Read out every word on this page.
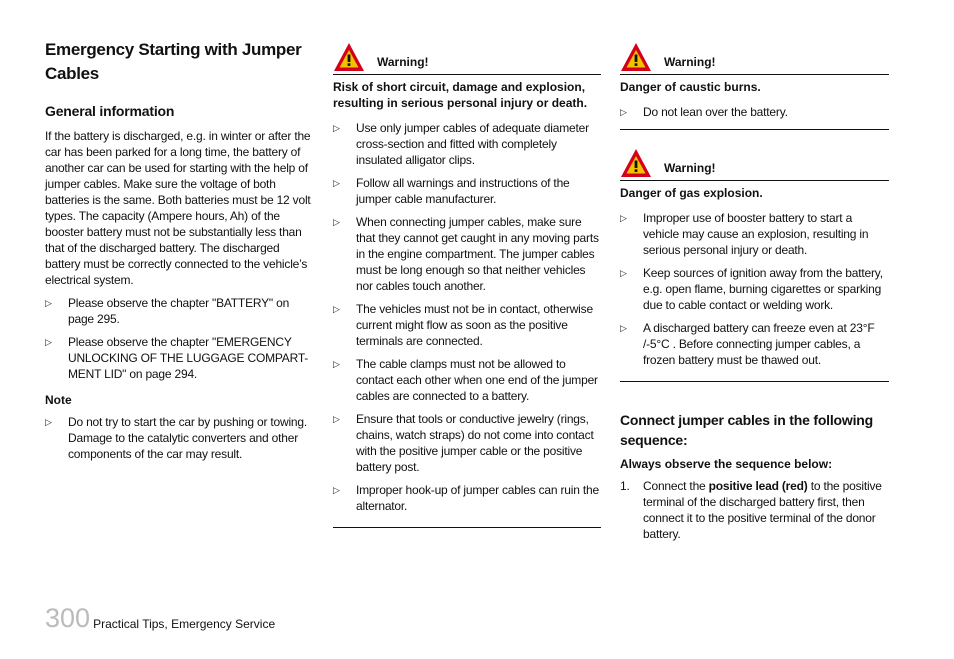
Emergency Starting with Jumper Cables
General information

If the battery is discharged, e.g. in winter or after the car has been parked for a long time, the battery of another car can be used for starting with the help of jumper cables. Make sure the voltage of both batteries is the same. Both batteries must be 12 volt types. The capacity (Ampere hours, Ah) of the booster battery must not be substantially less than that of the discharged battery. The discharged battery must be correctly connected to the vehicle’s electrical system.

▷ Please observe the chapter "BATTERY" on page 295.
▷ Please observe the chapter "EMERGENCY UNLOCKING OF THE LUGGAGE COMPART-MENT LID" on page 294.
Note
▷ Do not try to start the car by pushing or towing. Damage to the catalytic converters and other components of the car may result.
Warning!
Risk of short circuit, damage and explosion, resulting in serious personal injury or death.
▷ Use only jumper cables of adequate diameter cross-section and fitted with completely insulated alligator clips.
▷ Follow all warnings and instructions of the jumper cable manufacturer.
▷ When connecting jumper cables, make sure that they cannot get caught in any moving parts in the engine compartment. The jumper cables must be long enough so that neither vehicles nor cables touch another.
▷ The vehicles must not be in contact, otherwise current might flow as soon as the positive terminals are connected.
▷ The cable clamps must not be allowed to contact each other when one end of the jumper cables are connected to a battery.
▷ Ensure that tools or conductive jewelry (rings, chains, watch straps) do not come into contact with the positive jumper cable or the positive battery post.
▷ Improper hook-up of jumper cables can ruin the alternator.
Warning!
Danger of caustic burns.
▷ Do not lean over the battery.
Warning!
Danger of gas explosion.
▷ Improper use of booster battery to start a vehicle may cause an explosion, resulting in serious personal injury or death.
▷ Keep sources of ignition away from the battery, e.g. open flame, burning cigarettes or sparking due to cable contact or welding work.
▷ A discharged battery can freeze even at 23°F /-5°C . Before connecting jumper cables, a frozen battery must be thawed out.
Connect jumper cables in the following sequence:
Always observe the sequence below:
1. Connect the positive lead (red) to the positive terminal of the discharged battery first, then connect it to the positive terminal of the donor battery.
300 Practical Tips, Emergency Service
